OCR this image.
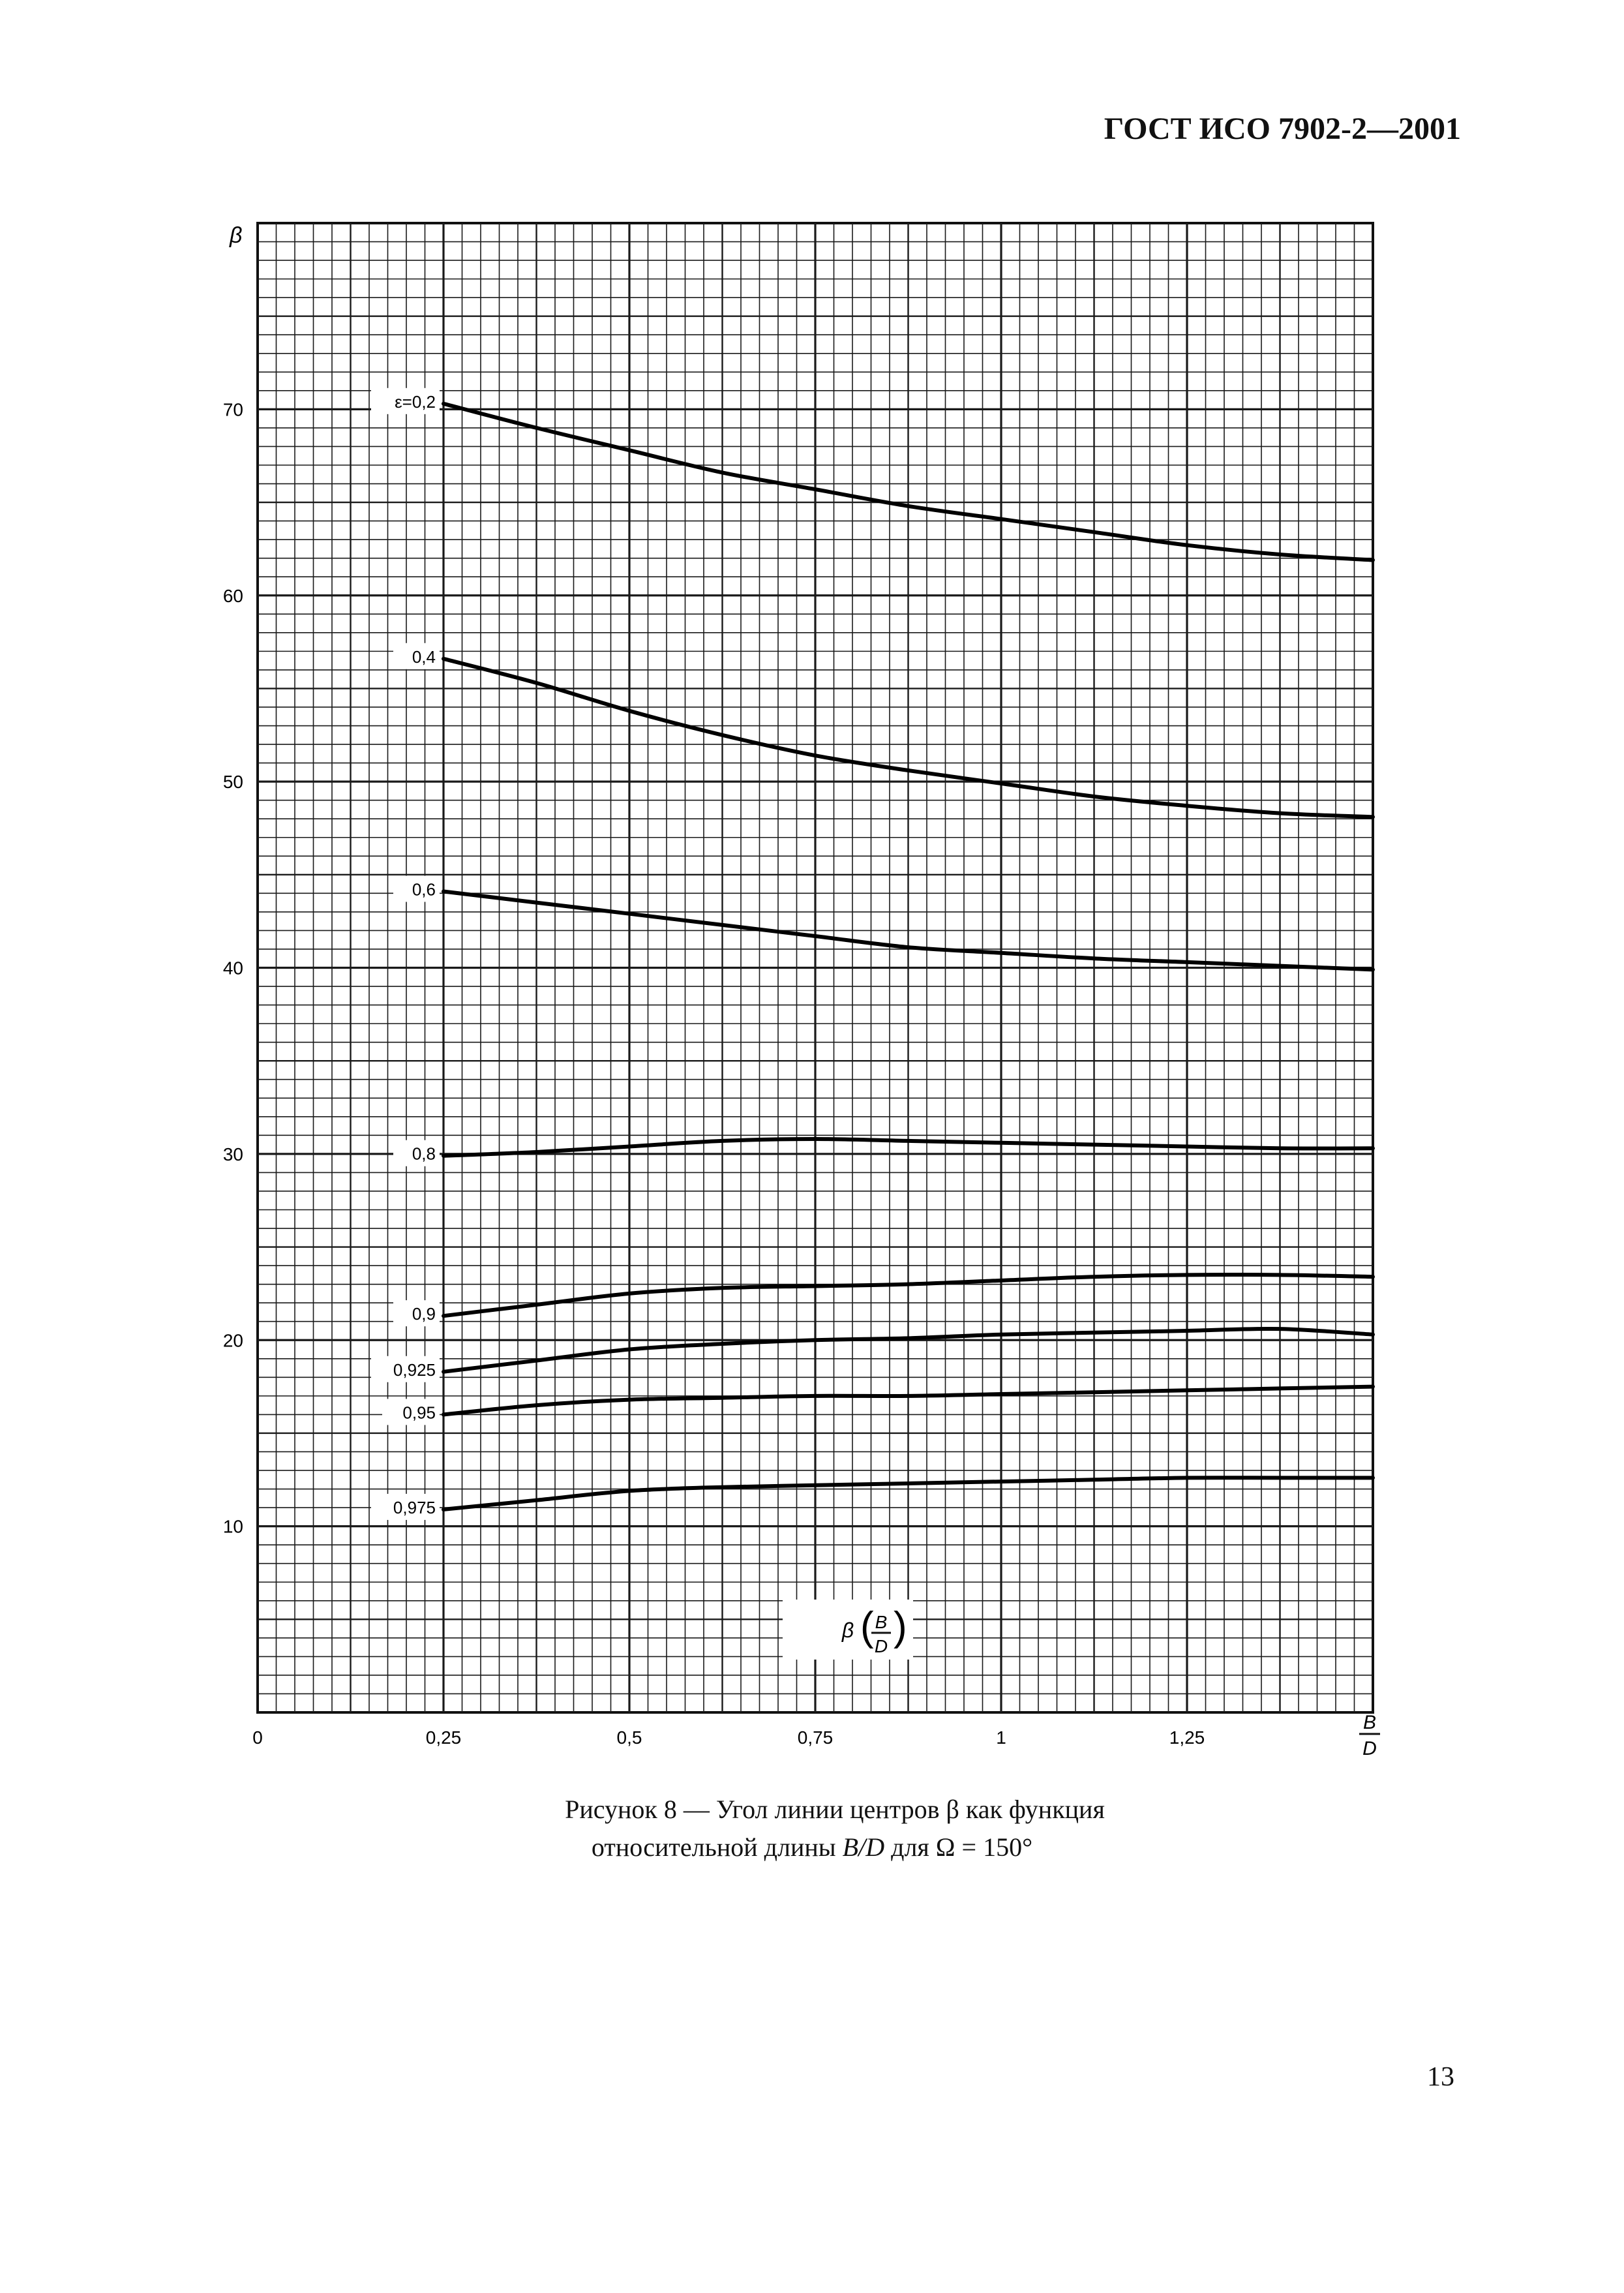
ГОСТ ИСО 7902-2—2001
ε=0,2
0,4
0,6
0,8
0,9
0,925
0,95
0,975
0	0,25	0,5	0,75	1	1,25
10
20
30
40
50
60
70
β
B
D
β ( B
D )
Рисунок 8 — Угол линии центров β как функция
относительной длины B/D для Ω = 150°
13
